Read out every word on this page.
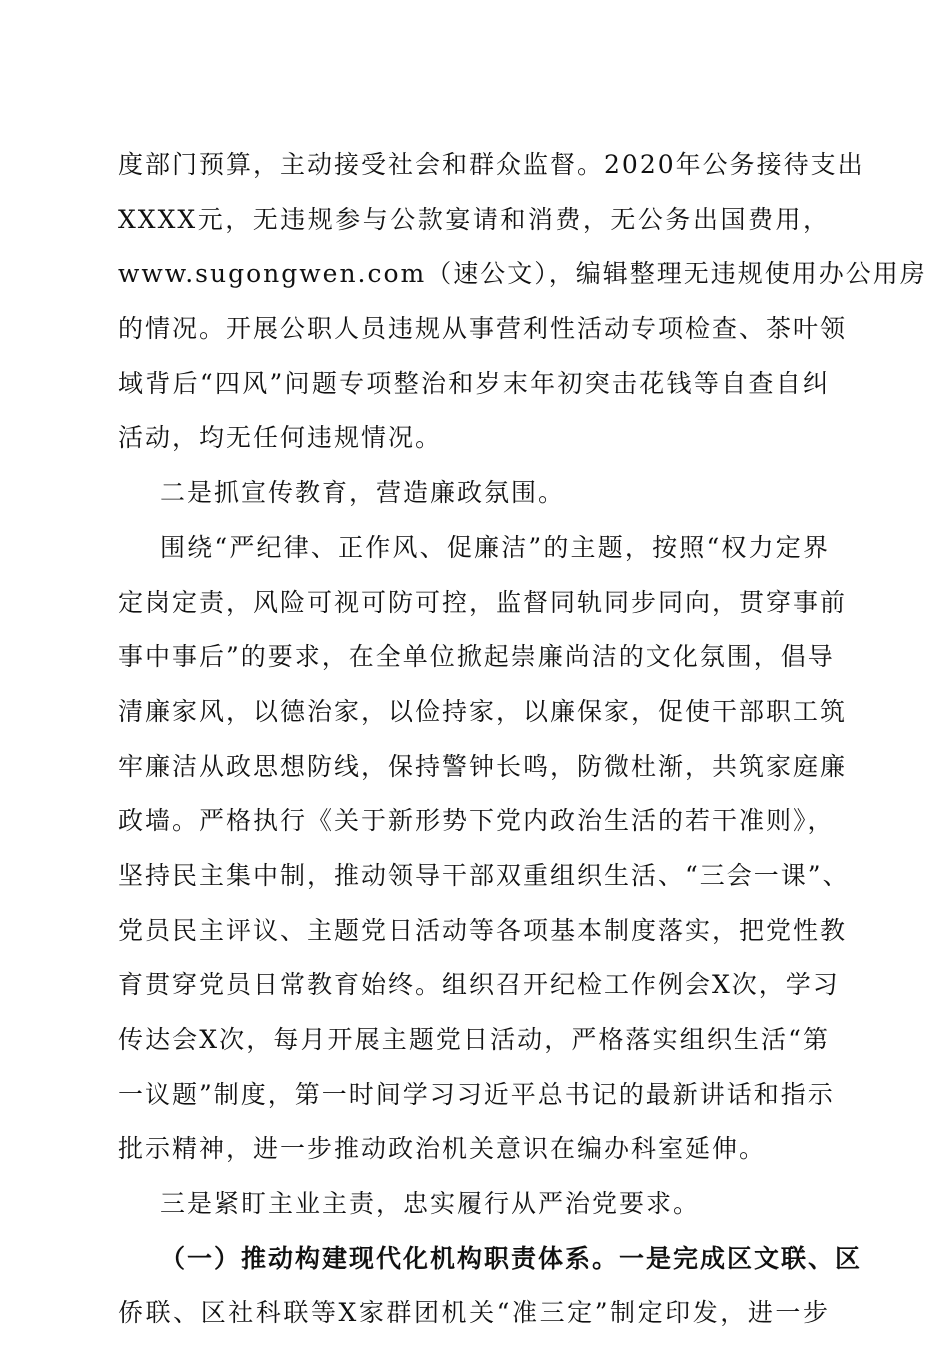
度部门预算，主动接受社会和群众监督。2020年公务接待支出
XXXX元，无违规参与公款宴请和消费，无公务出国费用，
www.sugongwen.com（速公文），编辑整理无违规使用办公用房
的情况。开展公职人员违规从事营利性活动专项检查、茶叶领
域背后“四风”问题专项整治和岁末年初突击花钱等自查自纠
活动，均无任何违规情况。
二是抓宣传教育，营造廉政氛围。
围绕“严纪律、正作风、促廉洁”的主题，按照“权力定界
定岗定责，风险可视可防可控，监督同轨同步同向，贯穿事前
事中事后”的要求，在全单位掀起崇廉尚洁的文化氛围，倡导
清廉家风，以德治家，以俭持家，以廉保家，促使干部职工筑
牢廉洁从政思想防线，保持警钟长鸣，防微杜渐，共筑家庭廉
政墙。严格执行《关于新形势下党内政治生活的若干准则》，
坚持民主集中制，推动领导干部双重组织生活、“三会一课”、
党员民主评议、主题党日活动等各项基本制度落实，把党性教
育贯穿党员日常教育始终。组织召开纪检工作例会X次，学习
传达会X次，每月开展主题党日活动，严格落实组织生活“第
一议题”制度，第一时间学习习近平总书记的最新讲话和指示
批示精神，进一步推动政治机关意识在编办科室延伸。
三是紧盯主业主责，忠实履行从严治党要求。
（一）推动构建现代化机构职责体系。一是完成区文联、区
侨联、区社科联等X家群团机关“准三定”制定印发，进一步
